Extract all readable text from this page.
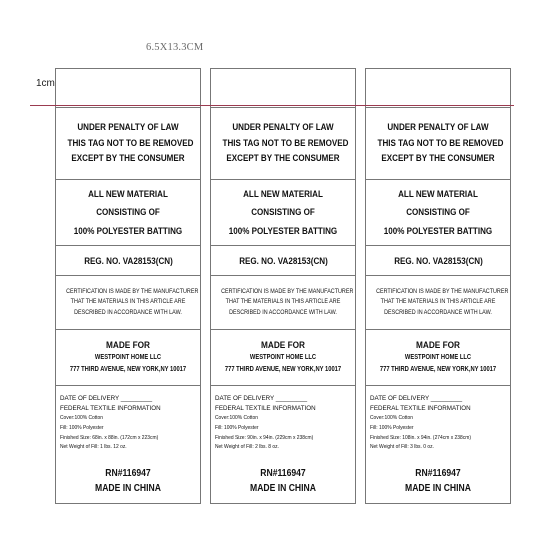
6.5X13.3CM
1cm
UNDER PENALTY OF LAW
THIS TAG NOT TO BE REMOVED
EXCEPT BY THE CONSUMER
ALL NEW MATERIAL
CONSISTING OF
100% POLYESTER BATTING
REG. NO. VA28153(CN)
CERTIFICATION IS MADE BY THE MANUFACTURER
THAT THE MATERIALS IN THIS ARTICLE ARE
DESCRIBED IN ACCORDANCE WITH LAW.
MADE FOR
WESTPOINT HOME LLC
777 THIRD AVENUE, NEW YORK,NY 10017
DATE OF DELIVERY _________
FEDERAL TEXTILE INFORMATION
Cover:100% Cotton
Fill: 100% Polyester
Finished Size: 68in. x 88in. (172cm x 223cm)
Net Weight of Fill: 1 lbs. 12 oz.
RN#116947
MADE IN CHINA
UNDER PENALTY OF LAW
THIS TAG NOT TO BE REMOVED
EXCEPT BY THE CONSUMER
ALL NEW MATERIAL
CONSISTING OF
100% POLYESTER BATTING
REG. NO. VA28153(CN)
CERTIFICATION IS MADE BY THE MANUFACTURER
THAT THE MATERIALS IN THIS ARTICLE ARE
DESCRIBED IN ACCORDANCE WITH LAW.
MADE FOR
WESTPOINT HOME LLC
777 THIRD AVENUE, NEW YORK,NY 10017
DATE OF DELIVERY _________
FEDERAL TEXTILE INFORMATION
Cover:100% Cotton
Fill: 100% Polyester
Finished Size: 90in. x 94in. (229cm x 238cm)
Net Weight of Fill: 2 lbs. 8 oz.
RN#116947
MADE IN CHINA
UNDER PENALTY OF LAW
THIS TAG NOT TO BE REMOVED
EXCEPT BY THE CONSUMER
ALL NEW MATERIAL
CONSISTING OF
100% POLYESTER BATTING
REG. NO. VA28153(CN)
CERTIFICATION IS MADE BY THE MANUFACTURER
THAT THE MATERIALS IN THIS ARTICLE ARE
DESCRIBED IN ACCORDANCE WITH LAW.
MADE FOR
WESTPOINT HOME LLC
777 THIRD AVENUE, NEW YORK,NY 10017
DATE OF DELIVERY _________
FEDERAL TEXTILE INFORMATION
Cover:100% Cotton
Fill: 100% Polyester
Finished Size: 108in. x 94in. (274cm x 238cm)
Net Weight of Fill: 3 lbs. 0 oz.
RN#116947
MADE IN CHINA
